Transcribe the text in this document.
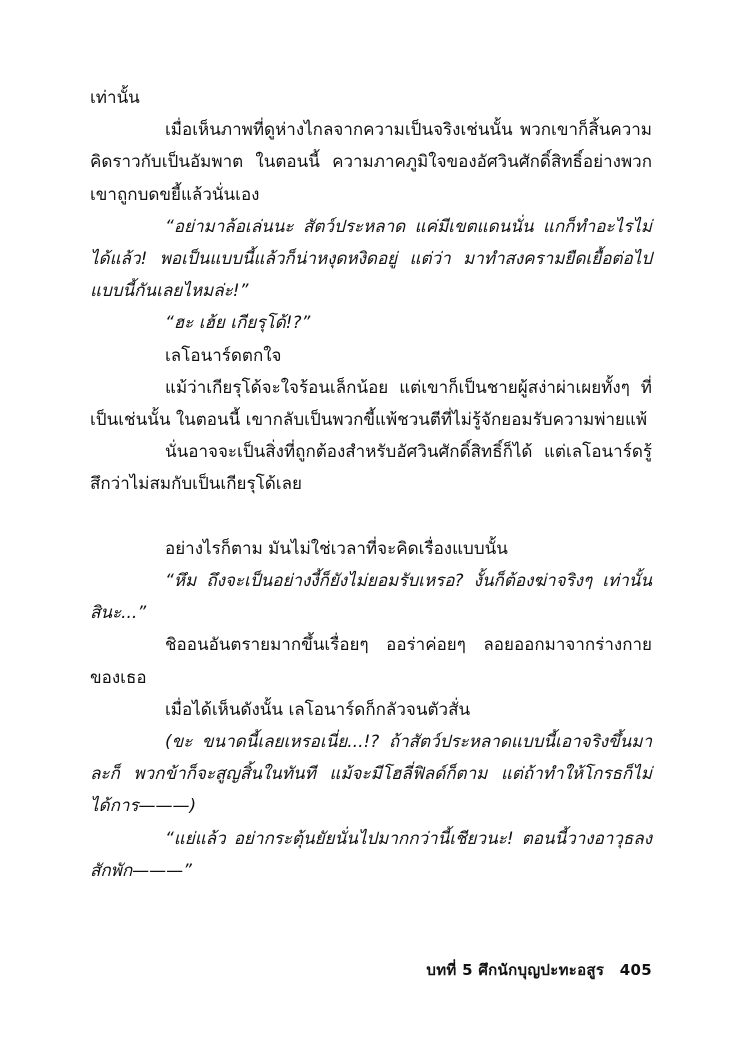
เท่านั้น

เมื่อเห็นภาพที่ดูห่างไกลจากความเป็นจริงเช่นนั้น พวกเขาก็สิ้นความคิดราวกับเป็นอัมพาต ในตอนนี้ ความภาคภูมิใจของอัศวินศักดิ์สิทธิ์อย่างพวกเขาถูกบดขยี้แล้วนั่นเอง

“อย่ามาล้อเล่นนะ สัตว์ประหลาด แค่มีเขตแดนนั่น แกก็ทำอะไรไม่ได้แล้ว! พอเป็นแบบนี้แล้วก็น่าหงุดหงิดอยู่ แต่ว่า มาทำสงครามยืดเยื้อต่อไปแบบนี้กันเลยไหมล่ะ!”

“ฮะ เฮ้ย เกียรุโด้!?”

เลโอนาร์ดตกใจ

แม้ว่าเกียรุโด้จะใจร้อนเล็กน้อย แต่เขาก็เป็นชายผู้สง่าผ่าเผยทั้งๆ ที่เป็นเช่นนั้น ในตอนนี้ เขากลับเป็นพวกขี้แพ้ชวนตีที่ไม่รู้จักยอมรับความพ่ายแพ้

นั่นอาจจะเป็นสิ่งที่ถูกต้องสำหรับอัศวินศักดิ์สิทธิ์ก็ได้ แต่เลโอนาร์ดรู้สึกว่าไม่สมกับเป็นเกียรุโด้เลย

อย่างไรก็ตาม มันไม่ใช่เวลาที่จะคิดเรื่องแบบนั้น

“หึม ถึงจะเป็นอย่างงี้ก็ยังไม่ยอมรับเหรอ? งั้นก็ต้องฆ่าจริงๆ เท่านั้นสินะ...”

ชิออนอันตรายมากขึ้นเรื่อยๆ ออร่าค่อยๆ ลอยออกมาจากร่างกายของเธอ

เมื่อได้เห็นดังนั้น เลโอนาร์ดก็กลัวจนตัวสั่น

(ขะ ขนาดนี้เลยเหรอเนี่ย...!? ถ้าสัตว์ประหลาดแบบนี้เอาจริงขึ้นมาละก็ พวกข้าก็จะสูญสิ้นในทันที แม้จะมีโฮลี่ฟิลด์ก็ตาม แต่ถ้าทำให้โกรธก็ไม่ได้การ———)

“แย่แล้ว อย่ากระตุ้นยัยนั่นไปมากกว่านี้เชียวนะ! ตอนนี้วางอาวุธลงสักพัก———”

บทที่ 5 ศึกนักบุญปะทะอสูร 405
